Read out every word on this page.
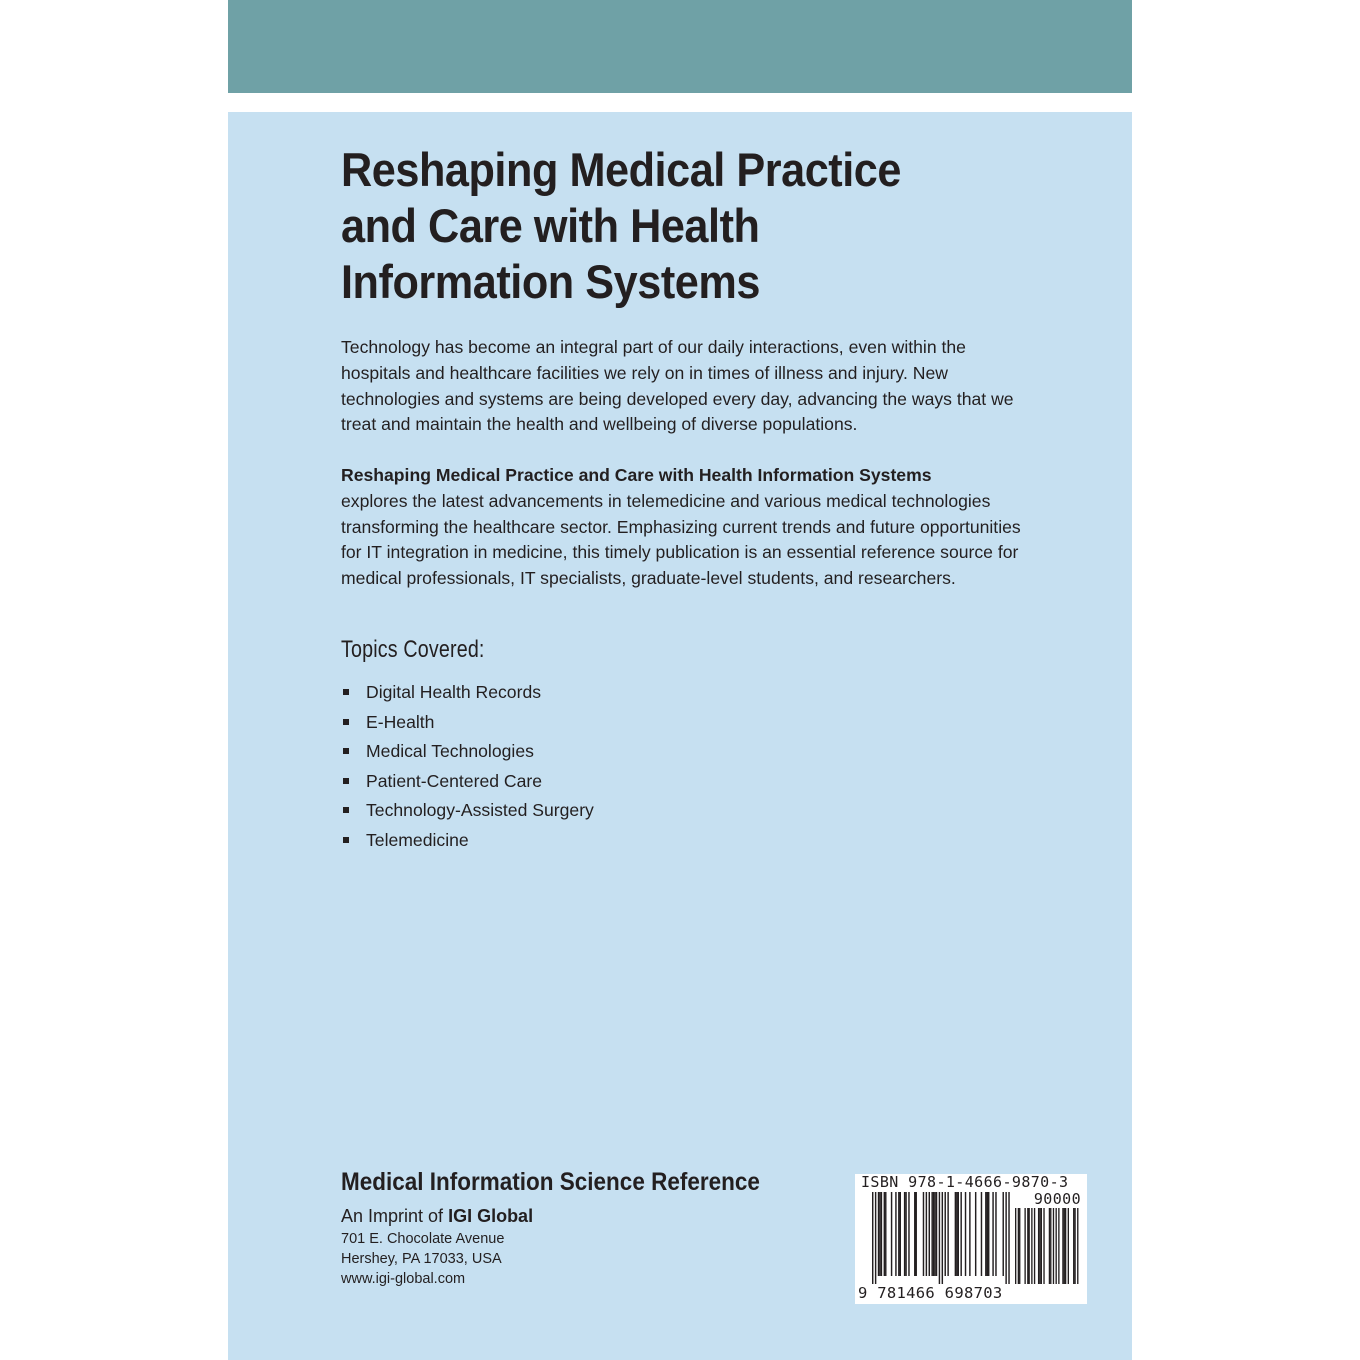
Reshaping Medical Practice and Care with Health Information Systems

Technology has become an integral part of our daily interactions, even within the hospitals and healthcare facilities we rely on in times of illness and injury. New technologies and systems are being developed every day, advancing the ways that we treat and maintain the health and wellbeing of diverse populations.

Reshaping Medical Practice and Care with Health Information Systems
explores the latest advancements in telemedicine and various medical technologies transforming the healthcare sector. Emphasizing current trends and future opportunities for IT integration in medicine, this timely publication is an essential reference source for medical professionals, IT specialists, graduate-level students, and researchers.

Topics Covered:
Digital Health Records
E-Health
Medical Technologies
Patient-Centered Care
Technology-Assisted Surgery
Telemedicine
Medical Information Science Reference
An Imprint of IGI Global
701 E. Chocolate Avenue
Hershey, PA 17033, USA
www.igi-global.com
ISBN 978-1-4666-9870-3
90000
9 781466 698703
